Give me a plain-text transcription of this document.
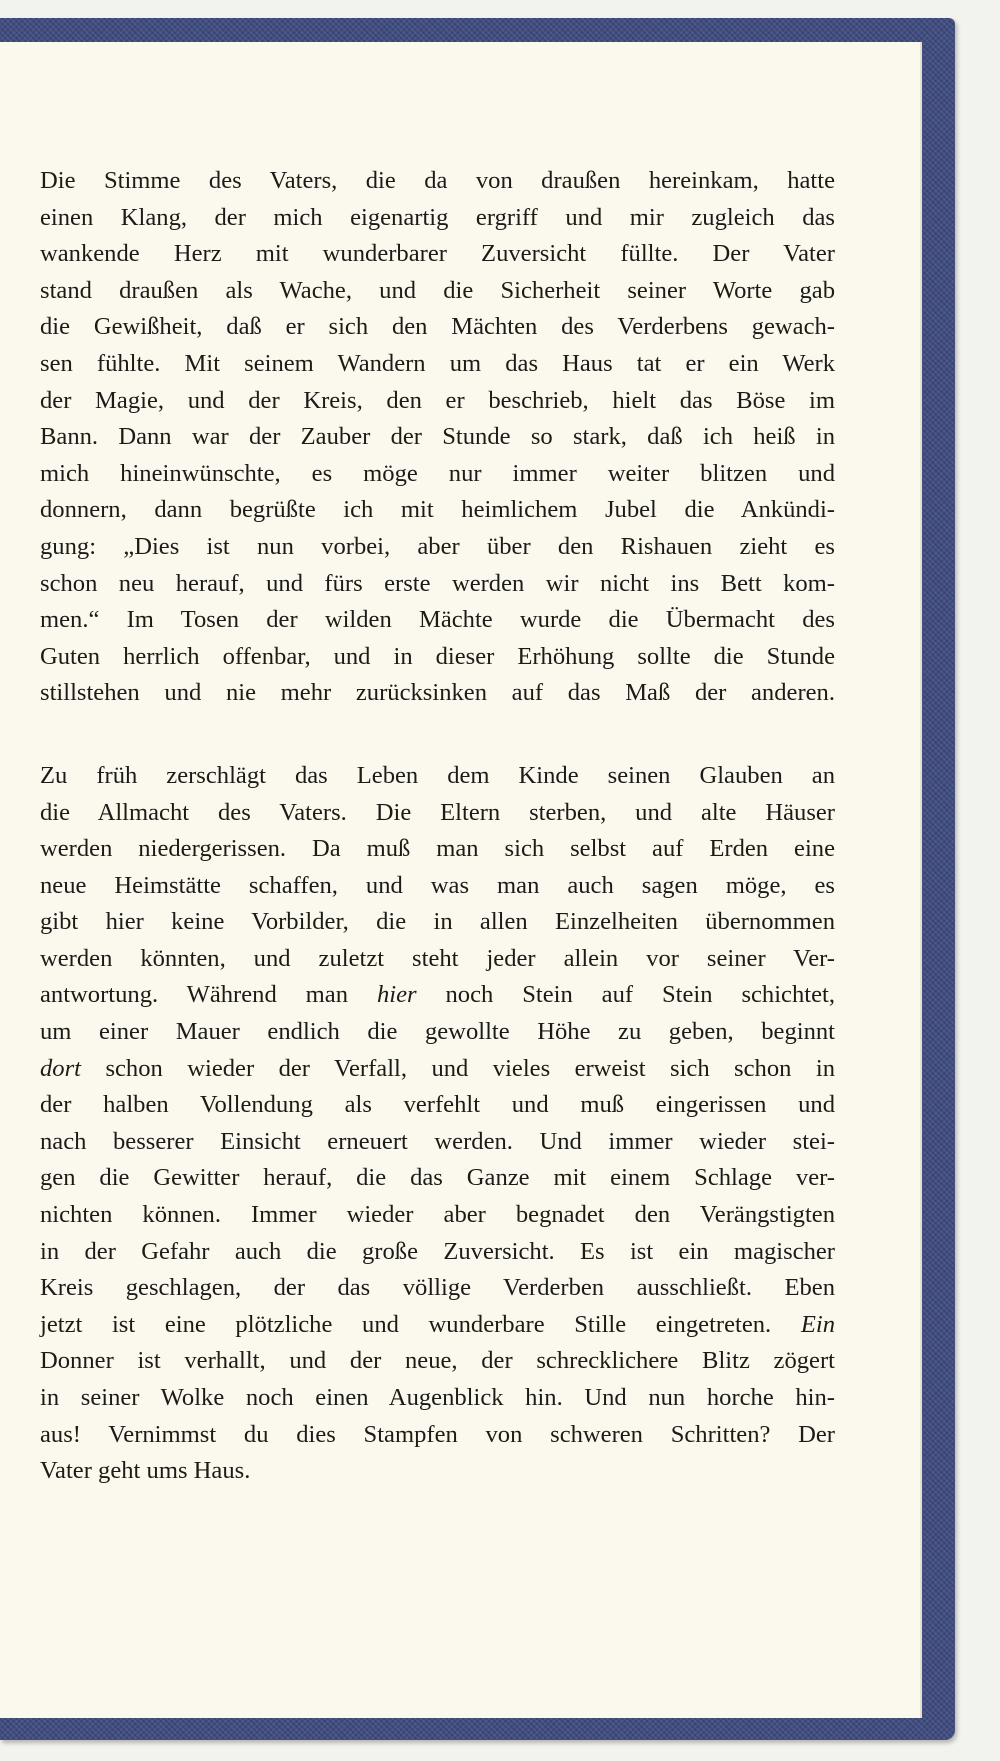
Die Stimme des Vaters, die da von draußen hereinkam, hatte
einen Klang, der mich eigenartig ergriff und mir zugleich das
wankende Herz mit wunderbarer Zuversicht füllte. Der Vater
stand draußen als Wache, und die Sicherheit seiner Worte gab
die Gewißheit, daß er sich den Mächten des Verderbens gewach-
sen fühlte. Mit seinem Wandern um das Haus tat er ein Werk
der Magie, und der Kreis, den er beschrieb, hielt das Böse im
Bann. Dann war der Zauber der Stunde so stark, daß ich heiß in
mich hineinwünschte, es möge nur immer weiter blitzen und
donnern, dann begrüßte ich mit heimlichem Jubel die Ankündi-
gung: „Dies ist nun vorbei, aber über den Rishauen zieht es
schon neu herauf, und fürs erste werden wir nicht ins Bett kom-
men.“ Im Tosen der wilden Mächte wurde die Übermacht des
Guten herrlich offenbar, und in dieser Erhöhung sollte die Stunde
stillstehen und nie mehr zurücksinken auf das Maß der anderen.
Zu früh zerschlägt das Leben dem Kinde seinen Glauben an
die Allmacht des Vaters. Die Eltern sterben, und alte Häuser
werden niedergerissen. Da muß man sich selbst auf Erden eine
neue Heimstätte schaffen, und was man auch sagen möge, es
gibt hier keine Vorbilder, die in allen Einzelheiten übernommen
werden könnten, und zuletzt steht jeder allein vor seiner Ver-
antwortung. Während man hier noch Stein auf Stein schichtet,
um einer Mauer endlich die gewollte Höhe zu geben, beginnt
dort schon wieder der Verfall, und vieles erweist sich schon in
der halben Vollendung als verfehlt und muß eingerissen und
nach besserer Einsicht erneuert werden. Und immer wieder stei-
gen die Gewitter herauf, die das Ganze mit einem Schlage ver-
nichten können. Immer wieder aber begnadet den Verängstigten
in der Gefahr auch die große Zuversicht. Es ist ein magischer
Kreis geschlagen, der das völlige Verderben ausschließt. Eben
jetzt ist eine plötzliche und wunderbare Stille eingetreten. Ein
Donner ist verhallt, und der neue, der schrecklichere Blitz zögert
in seiner Wolke noch einen Augenblick hin. Und nun horche hin-
aus! Vernimmst du dies Stampfen von schweren Schritten? Der
Vater geht ums Haus.
